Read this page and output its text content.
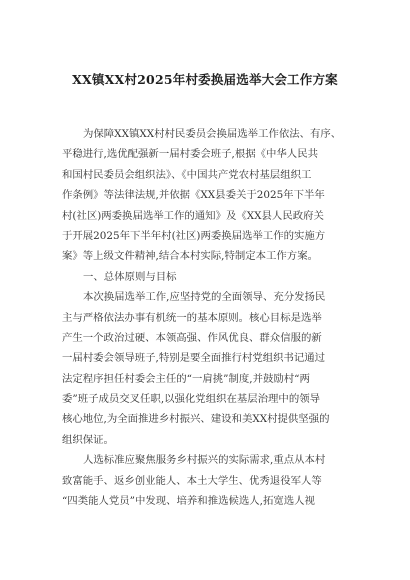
XX镇XX村2025年村委换届选举大会工作方案
为保障XX镇XX村村民委员会换届选举工作依法、有序、
平稳进行,选优配强新一届村委会班子,根据《中华人民共
和国村民委员会组织法》、《中国共产党农村基层组织工
作条例》等法律法规,并依据《XX县委关于2025年下半年
村(社区)两委换届选举工作的通知》及《XX县人民政府关
于开展2025年下半年村(社区)两委换届选举工作的实施方
案》等上级文件精神,结合本村实际,特制定本工作方案。
一、总体原则与目标
本次换届选举工作,应坚持党的全面领导、充分发扬民
主与严格依法办事有机统一的基本原则。核心目标是选举
产生一个政治过硬、本领高强、作风优良、群众信服的新
一届村委会领导班子,特别是要全面推行村党组织书记通过
法定程序担任村委会主任的“一肩挑”制度,并鼓励村“两
委”班子成员交叉任职,以强化党组织在基层治理中的领导
核心地位,为全面推进乡村振兴、建设和美XX村提供坚强的
组织保证。
人选标准应聚焦服务乡村振兴的实际需求,重点从本村
致富能手、返乡创业能人、本土大学生、优秀退役军人等
“四类能人党员”中发现、培养和推选候选人,拓宽选人视
